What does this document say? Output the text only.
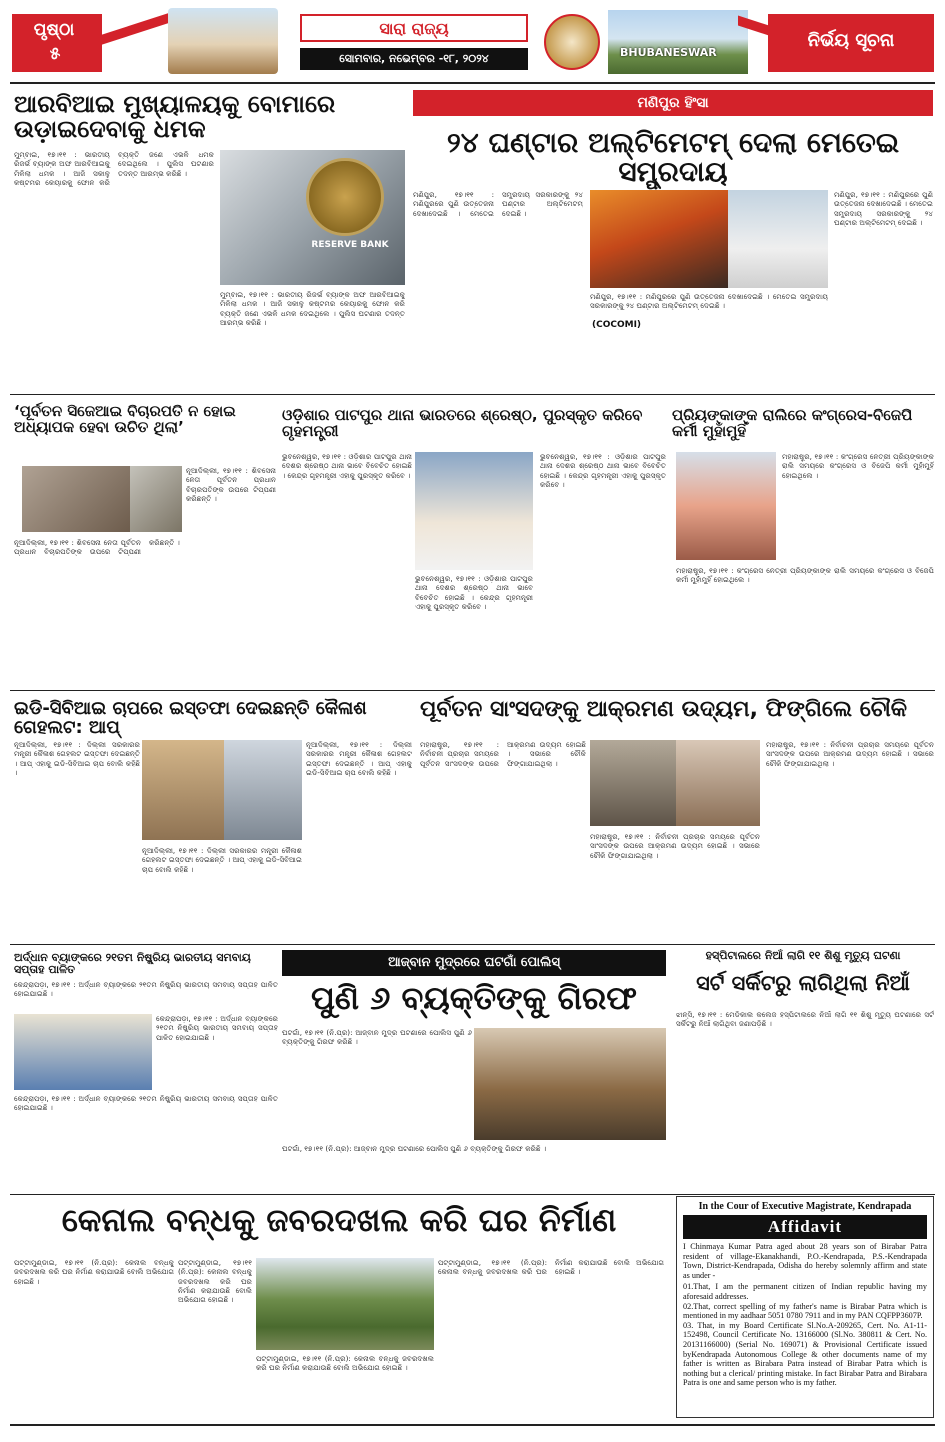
ପୃଷ୍ଠା
୫
ସାରା ରାଜ୍ୟ
ସୋମବାର, ନଭେମ୍ବର -୧୮, ୨୦୨୪	BHUBANESWAR
ନିର୍ଭୟ ସୂଚନା
ଆରବିଆଇ ମୁଖ୍ୟାଳୟକୁ ବୋମାରେ ଉଡ଼ାଇଦେବାକୁ ଧମକ
RESERVE BANK
ମୁମ୍ବାଇ, ୧୭।୧୧ : ଭାରତୀୟ ରିଜର୍ଭ ବ୍ୟାଙ୍କ ଅଫ ଆରବିଆଇକୁ ମିଳିଲା ଧମକ । ଆଜି ସକାଳୁ କଷ୍ଟମର କେୟାରକୁ ଫୋନ କରି ବ୍ୟକ୍ତି ଜଣେ ଏଭଳି ଧମକ ଦେଇଥିଲେ । ପୁଲିସ ଘଟଣାର ତଦନ୍ତ ଆରମ୍ଭ କରିଛି ।
ମୁମ୍ବାଇ, ୧୭।୧୧ : ଭାରତୀୟ ରିଜର୍ଭ ବ୍ୟାଙ୍କ ଅଫ ଆରବିଆଇକୁ ମିଳିଲା ଧମକ । ଆଜି ସକାଳୁ କଷ୍ଟମର କେୟାରକୁ ଫୋନ କରି ବ୍ୟକ୍ତି ଜଣେ ଏଭଳି ଧମକ ଦେଇଥିଲେ । ପୁଲିସ ଘଟଣାର ତଦନ୍ତ ଆରମ୍ଭ କରିଛି ।
ମଣିପୁର ହିଂସା
୨୪ ଘଣ୍ଟାର ଅଲ୍ଟିମେଟମ୍ ଦେଲା ମେତେଇ ସମ୍ପ୍ରଦାୟ
ମଣିପୁର, ୧୭।୧୧ : ମଣିପୁରରେ ପୁଣି ଉତ୍ତେଜନା ଦେଖାଦେଇଛି । ମେତେଇ ସମ୍ପ୍ରଦାୟ ସରକାରଙ୍କୁ ୨୪ ଘଣ୍ଟାର ଅଲ୍ଟିମେଟମ୍ ଦେଇଛି ।
ମଣିପୁର, ୧୭।୧୧ : ମଣିପୁରରେ ପୁଣି ଉତ୍ତେଜନା ଦେଖାଦେଇଛି । ମେତେଇ ସମ୍ପ୍ରଦାୟ ସରକାରଙ୍କୁ ୨୪ ଘଣ୍ଟାର ଅଲ୍ଟିମେଟମ୍ ଦେଇଛି ।
(COCOMI)
ମଣିପୁର, ୧୭।୧୧ : ମଣିପୁରରେ ପୁଣି ଉତ୍ତେଜନା ଦେଖାଦେଇଛି । ମେତେଇ ସମ୍ପ୍ରଦାୟ ସରକାରଙ୍କୁ ୨୪ ଘଣ୍ଟାର ଅଲ୍ଟିମେଟମ୍ ଦେଇଛି ।
‘ପୂର୍ବତନ ସିଜେଆଇ ବିଚାରପତି ନ ହୋଇ ଅଧ୍ୟାପକ ହେବା ଉଚିତ ଥିଲା’
ନୂଆଦିଲ୍ଲୀ, ୧୭।୧୧ : ଶିବସେନା ନେତା ପୂର୍ବତନ ପ୍ରଧାନ ବିଚାରପତିଙ୍କ ଉପରେ ଟିପ୍ପଣୀ କରିଛନ୍ତି ।
ନୂଆଦିଲ୍ଲୀ, ୧୭।୧୧ : ଶିବସେନା ନେତା ପୂର୍ବତନ ପ୍ରଧାନ ବିଚାରପତିଙ୍କ ଉପରେ ଟିପ୍ପଣୀ କରିଛନ୍ତି ।
ଓଡ଼ିଶାର ପାଟପୁର ଥାନା ଭାରତରେ ଶ୍ରେଷ୍ଠ, ପୁରସ୍କୃତ କରିବେ ଗୃହମନ୍ତ୍ରୀ
ଭୁବନେଶ୍ୱର, ୧୭।୧୧ : ଓଡ଼ିଶାର ପାଟପୁର ଥାନା ଦେଶର ଶ୍ରେଷ୍ଠ ଥାନା ଭାବେ ବିବେଚିତ ହୋଇଛି । କେନ୍ଦ୍ର ଗୃହମନ୍ତ୍ରୀ ଏହାକୁ ପୁରସ୍କୃତ କରିବେ ।
ଭୁବନେଶ୍ୱର, ୧୭।୧୧ : ଓଡ଼ିଶାର ପାଟପୁର ଥାନା ଦେଶର ଶ୍ରେଷ୍ଠ ଥାନା ଭାବେ ବିବେଚିତ ହୋଇଛି । କେନ୍ଦ୍ର ଗୃହମନ୍ତ୍ରୀ ଏହାକୁ ପୁରସ୍କୃତ କରିବେ ।
ଭୁବନେଶ୍ୱର, ୧୭।୧୧ : ଓଡ଼ିଶାର ପାଟପୁର ଥାନା ଦେଶର ଶ୍ରେଷ୍ଠ ଥାନା ଭାବେ ବିବେଚିତ ହୋଇଛି । କେନ୍ଦ୍ର ଗୃହମନ୍ତ୍ରୀ ଏହାକୁ ପୁରସ୍କୃତ କରିବେ ।
ପ୍ରିୟଙ୍କାଙ୍କ ରାଲିରେ କଂଗ୍ରେସ-ବିଜେପି କର୍ମୀ ମୁହାଁମୁହିଁ
ମହାରାଷ୍ଟ୍ର, ୧୭।୧୧ : କଂଗ୍ରେସ ନେତ୍ରୀ ପ୍ରିୟଙ୍କାଙ୍କ ରାଲି ସମୟରେ କଂଗ୍ରେସ ଓ ବିଜେପି କର୍ମୀ ମୁହାଁମୁହିଁ ହୋଇଥିଲେ ।
ମହାରାଷ୍ଟ୍ର, ୧୭।୧୧ : କଂଗ୍ରେସ ନେତ୍ରୀ ପ୍ରିୟଙ୍କାଙ୍କ ରାଲି ସମୟରେ କଂଗ୍ରେସ ଓ ବିଜେପି କର୍ମୀ ମୁହାଁମୁହିଁ ହୋଇଥିଲେ ।
ଇଡି-ସିବିଆଇ ଚାପରେ ଇସ୍ତଫା ଦେଇଛନ୍ତି କୈଳାଶ ଗେହଲଟ: ଆପ୍
ନୂଆଦିଲ୍ଲୀ, ୧୭।୧୧ : ଦିଲ୍ଲୀ ସରକାରର ମନ୍ତ୍ରୀ କୈଳାଶ ଗେହଲଟ ଇସ୍ତଫା ଦେଇଛନ୍ତି । ଆପ୍ ଏହାକୁ ଇଡି-ସିବିଆଇ ଚାପ ବୋଲି କହିଛି ।
ନୂଆଦିଲ୍ଲୀ, ୧୭।୧୧ : ଦିଲ୍ଲୀ ସରକାରର ମନ୍ତ୍ରୀ କୈଳାଶ ଗେହଲଟ ଇସ୍ତଫା ଦେଇଛନ୍ତି । ଆପ୍ ଏହାକୁ ଇଡି-ସିବିଆଇ ଚାପ ବୋଲି କହିଛି ।
ନୂଆଦିଲ୍ଲୀ, ୧୭।୧୧ : ଦିଲ୍ଲୀ ସରକାରର ମନ୍ତ୍ରୀ କୈଳାଶ ଗେହଲଟ ଇସ୍ତଫା ଦେଇଛନ୍ତି । ଆପ୍ ଏହାକୁ ଇଡି-ସିବିଆଇ ଚାପ ବୋଲି କହିଛି ।
ପୂର୍ବତନ ସାଂସଦଙ୍କୁ ଆକ୍ରମଣ ଉଦ୍ୟମ, ଫିଙ୍ଗିଲେ ଚୌକି
ମହାରାଷ୍ଟ୍ର, ୧୭।୧୧ : ନିର୍ବାଚନୀ ପ୍ରଚାର ସମୟରେ ପୂର୍ବତନ ସାଂସଦଙ୍କ ଉପରେ ଆକ୍ରମଣ ଉଦ୍ୟମ ହୋଇଛି । ସଭାରେ ଚୌକି ଫିଙ୍ଗାଯାଇଥିଲା ।
ମହାରାଷ୍ଟ୍ର, ୧୭।୧୧ : ନିର୍ବାଚନୀ ପ୍ରଚାର ସମୟରେ ପୂର୍ବତନ ସାଂସଦଙ୍କ ଉପରେ ଆକ୍ରମଣ ଉଦ୍ୟମ ହୋଇଛି । ସଭାରେ ଚୌକି ଫିଙ୍ଗାଯାଇଥିଲା ।
ମହାରାଷ୍ଟ୍ର, ୧୭।୧୧ : ନିର୍ବାଚନୀ ପ୍ରଚାର ସମୟରେ ପୂର୍ବତନ ସାଂସଦଙ୍କ ଉପରେ ଆକ୍ରମଣ ଉଦ୍ୟମ ହୋଇଛି । ସଭାରେ ଚୌକି ଫିଙ୍ଗାଯାଇଥିଲା ।
ଅର୍ଦ୍ଧାନ ବ୍ୟାଙ୍କରେ ୨୧ତମ ନିଷ୍କ୍ରିୟ ଭାରତୀୟ ସମବାୟ ସପ୍ତାହ ପାଳିତ
କେନ୍ଦ୍ରାପଡ଼ା, ୧୭।୧୧ : ଅର୍ଦ୍ଧାନ ବ୍ୟାଙ୍କରେ ୨୧ତମ ନିଷ୍କ୍ରିୟ ଭାରତୀୟ ସମବାୟ ସପ୍ତାହ ପାଳିତ ହୋଇଯାଇଛି ।
କେନ୍ଦ୍ରାପଡ଼ା, ୧୭।୧୧ : ଅର୍ଦ୍ଧାନ ବ୍ୟାଙ୍କରେ ୨୧ତମ ନିଷ୍କ୍ରିୟ ଭାରତୀୟ ସମବାୟ ସପ୍ତାହ ପାଳିତ ହୋଇଯାଇଛି ।
କେନ୍ଦ୍ରାପଡ଼ା, ୧୭।୧୧ : ଅର୍ଦ୍ଧାନ ବ୍ୟାଙ୍କରେ ୨୧ତମ ନିଷ୍କ୍ରିୟ ଭାରତୀୟ ସମବାୟ ସପ୍ତାହ ପାଳିତ ହୋଇଯାଇଛି ।
ଆଜ୍ବାନ ମୁଦ୍ରରେ ଘଟଗାଁ ପୋଲିସ୍
ପୁଣି ୬ ବ୍ୟକ୍ତିଙ୍କୁ ଗିରଫ
ଘଟଗାଁ, ୧୭।୧୧ (ନି.ପ୍ର): ଆଜ୍ବାନ ମୁଦ୍ର ଘଟଣାରେ ପୋଲିସ ପୁଣି ୬ ବ୍ୟକ୍ତିଙ୍କୁ ଗିରଫ କରିଛି ।
ଘଟଗାଁ, ୧୭।୧୧ (ନି.ପ୍ର): ଆଜ୍ବାନ ମୁଦ୍ର ଘଟଣାରେ ପୋଲିସ ପୁଣି ୬ ବ୍ୟକ୍ତିଙ୍କୁ ଗିରଫ କରିଛି ।
ହସ୍ପିଟାଲରେ ନିଆଁ ଲାଗି ୧୧ ଶିଶୁ ମୃତ୍ୟୁ ଘଟଣା
ସର୍ଟ ସର୍କିଟରୁ ଲାଗିଥିଲା ନିଆଁ
ଝାନ୍ସି, ୧୭।୧୧ : ମେଡିକାଲ କଲେଜ ହସ୍ପିଟାଲରେ ନିଆଁ ଲାଗି ୧୧ ଶିଶୁ ମୃତ୍ୟୁ ଘଟଣାରେ ସର୍ଟ ସର୍କିଟରୁ ନିଆଁ ଲାଗିଥିବା ଜଣାପଡ଼ିଛି ।
କେନାଲ ବନ୍ଧକୁ ଜବରଦଖଲ କରି ଘର ନିର୍ମାଣ
ପଟ୍ଟାମୁଣ୍ଡାଇ, ୧୭।୧୧ (ନି.ପ୍ର): କେନାଲ ବନ୍ଧକୁ ଜବରଦଖଲ କରି ଘର ନିର୍ମାଣ କରାଯାଉଛି ବୋଲି ଅଭିଯୋଗ ହୋଇଛି ।
ପଟ୍ଟାମୁଣ୍ଡାଇ, ୧୭।୧୧ (ନି.ପ୍ର): କେନାଲ ବନ୍ଧକୁ ଜବରଦଖଲ କରି ଘର ନିର୍ମାଣ କରାଯାଉଛି ବୋଲି ଅଭିଯୋଗ ହୋଇଛି ।
ପଟ୍ଟାମୁଣ୍ଡାଇ, ୧୭।୧୧ (ନି.ପ୍ର): କେନାଲ ବନ୍ଧକୁ ଜବରଦଖଲ କରି ଘର ନିର୍ମାଣ କରାଯାଉଛି ବୋଲି ଅଭିଯୋଗ ହୋଇଛି ।
ପଟ୍ଟାମୁଣ୍ଡାଇ, ୧୭।୧୧ (ନି.ପ୍ର): କେନାଲ ବନ୍ଧକୁ ଜବରଦଖଲ କରି ଘର ନିର୍ମାଣ କରାଯାଉଛି ବୋଲି ଅଭିଯୋଗ ହୋଇଛି ।
In the Cour of Executive Magistrate, Kendrapada
Affidavit
I Chinmaya Kumar Patra aged about 28 years son of Birabar Patra resident of village-Ekanakhandi, P.O.-Kendrapada, P.S.-Kendrapada Town, District-Kendrapada, Odisha do hereby solemnly affirm and state as under -
01.That, I am the permanent citizen of Indian republic having my aforesaid addresses.
02.That, correct spelling of my father's name is Birabar Patra which is mentioned in my aadhaar 5051 0780 7911 and in my PAN CQFPP3607P.
03. That, in my Board Certificate Sl.No.A-209265, Cert. No. A1-11-152498, Council Certificate No. 13166000 (Sl.No. 380811 & Cert. No. 20131166000) (Serial No. 169071) & Provisional Certificate issued byKendrapada Autonomous College & other documents name of my father is written as Birabara Patra instead of Birabar Patra which is nothing but a clerical/ printing mistake. In fact Birabar Patra and Birabara Patra is one and same person who is my father.
